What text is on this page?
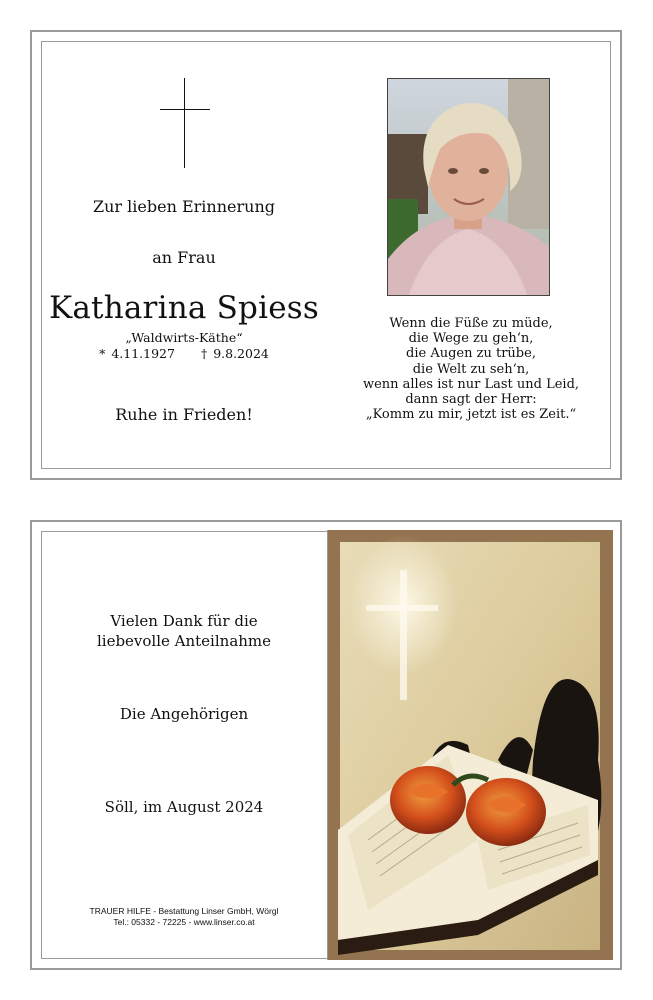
Zur lieben Erinnerung
an Frau
Katharina Spiess
„Waldwirts-Käthe“
* 4.11.1927 † 9.8.2024
Ruhe in Frieden!
Wenn die Füße zu müde,
die Wege zu geh‘n,
die Augen zu trübe,
die Welt zu seh‘n,
wenn alles ist nur Last und Leid,
dann sagt der Herr:
„Komm zu mir, jetzt ist es Zeit.“
Vielen Dank für die
liebevolle Anteilnahme
Die Angehörigen
Söll, im August 2024
TRAUER HILFE - Bestattung Linser GmbH, Wörgl
Tel.: 05332 - 72225 - www.linser.co.at
